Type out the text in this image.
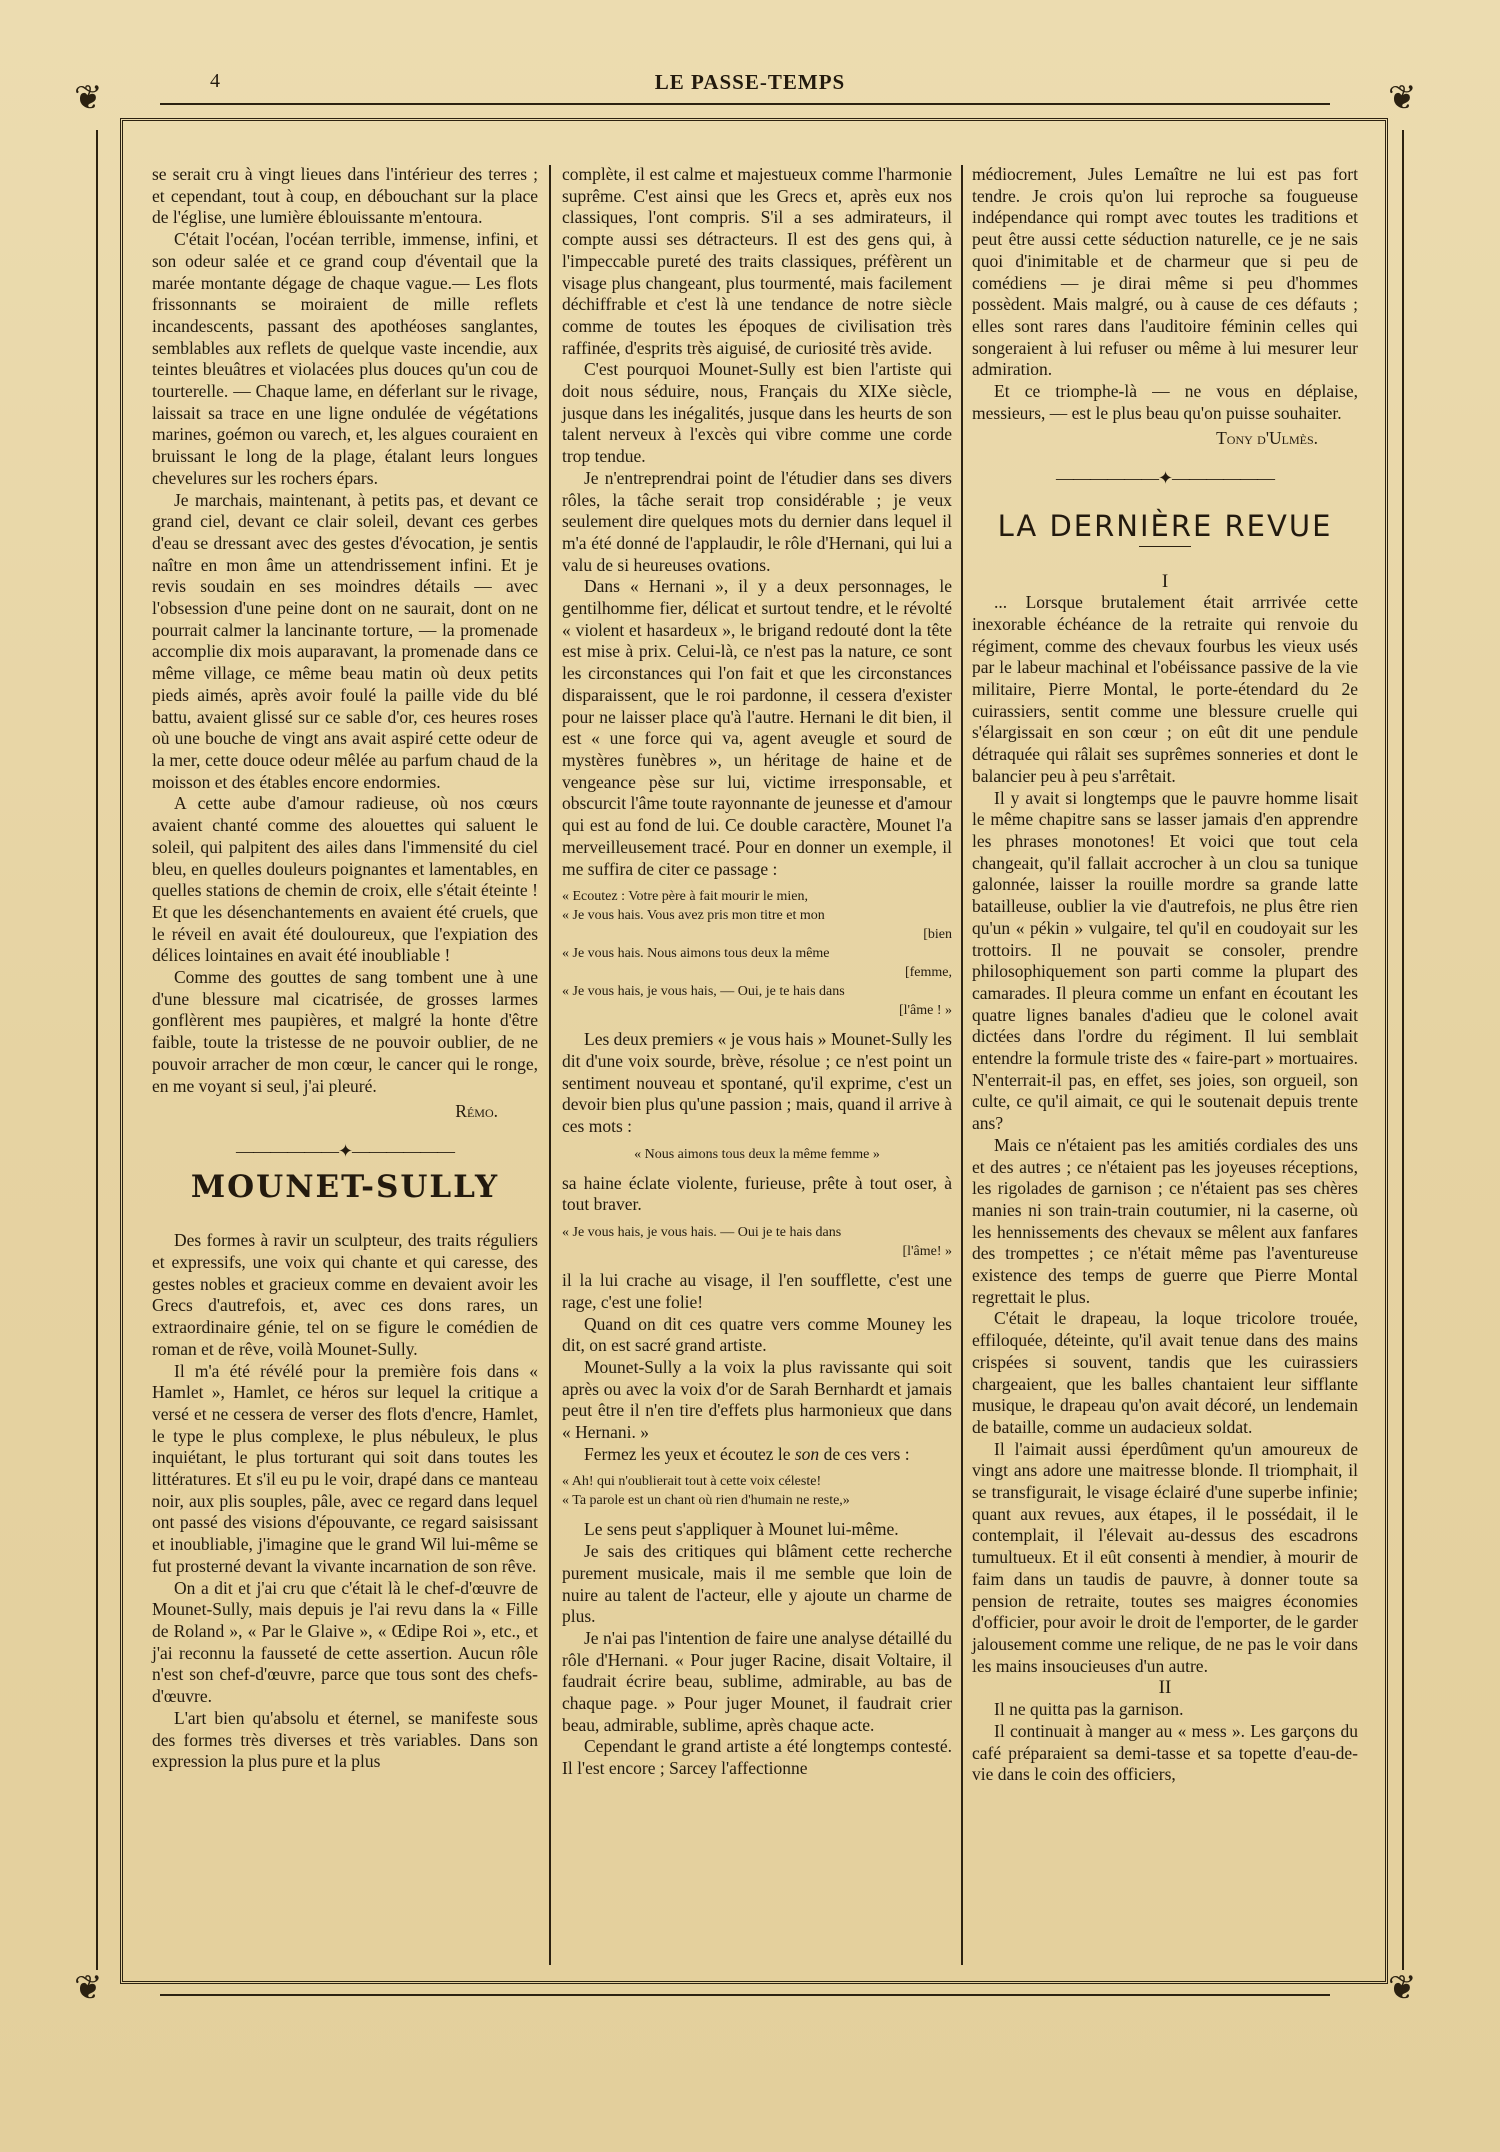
4	LE PASSE-TEMPS
❦	❦
❦	❦

se serait cru à vingt lieues dans l'intérieur des terres ; et cependant, tout à coup, en débouchant sur la place de l'église, une lumière éblouissante m'entoura.

C'était l'océan, l'océan terrible, immense, infini, et son odeur salée et ce grand coup d'éventail que la marée montante dégage de chaque vague.— Les flots frissonnants se moiraient de mille reflets incandescents, passant des apothéoses sanglantes, semblables aux reflets de quelque vaste incendie, aux teintes bleuâtres et violacées plus douces qu'un cou de tourterelle. — Chaque lame, en déferlant sur le rivage, laissait sa trace en une ligne ondulée de végétations marines, goémon ou varech, et, les algues couraient en bruissant le long de la plage, étalant leurs longues chevelures sur les rochers épars.

Je marchais, maintenant, à petits pas, et devant ce grand ciel, devant ce clair soleil, devant ces gerbes d'eau se dressant avec des gestes d'évocation, je sentis naître en mon âme un attendrissement infini. Et je revis soudain en ses moindres détails — avec l'obsession d'une peine dont on ne saurait, dont on ne pourrait calmer la lancinante torture, — la promenade accomplie dix mois auparavant, la promenade dans ce même village, ce même beau matin où deux petits pieds aimés, après avoir foulé la paille vide du blé battu, avaient glissé sur ce sable d'or, ces heures roses où une bouche de vingt ans avait aspiré cette odeur de la mer, cette douce odeur mêlée au parfum chaud de la moisson et des étables encore endormies.

A cette aube d'amour radieuse, où nos cœurs avaient chanté comme des alouettes qui saluent le soleil, qui palpitent des ailes dans l'immensité du ciel bleu, en quelles douleurs poignantes et lamentables, en quelles stations de chemin de croix, elle s'était éteinte ! Et que les désenchantements en avaient été cruels, que le réveil en avait été douloureux, que l'expiation des délices lointaines en avait été inoubliable !

Comme des gouttes de sang tombent une à une d'une blessure mal cicatrisée, de grosses larmes gonflèrent mes paupières, et malgré la honte d'être faible, toute la tristesse de ne pouvoir oublier, de ne pouvoir arracher de mon cœur, le cancer qui le ronge, en me voyant si seul, j'ai pleuré.

Rémo.

——————✦——————
MOUNET-SULLY

Des formes à ravir un sculpteur, des traits réguliers et expressifs, une voix qui chante et qui caresse, des gestes nobles et gracieux comme en devaient avoir les Grecs d'autrefois, et, avec ces dons rares, un extraordinaire génie, tel on se figure le comédien de roman et de rêve, voilà Mounet-Sully.

Il m'a été révélé pour la première fois dans « Hamlet », Hamlet, ce héros sur lequel la critique a versé et ne cessera de verser des flots d'encre, Hamlet, le type le plus complexe, le plus nébuleux, le plus inquiétant, le plus torturant qui soit dans toutes les littératures. Et s'il eu pu le voir, drapé dans ce manteau noir, aux plis souples, pâle, avec ce regard dans lequel ont passé des visions d'épouvante, ce regard saisissant et inoubliable, j'imagine que le grand Wil lui-même se fut prosterné devant la vivante incarnation de son rêve.

On a dit et j'ai cru que c'était là le chef-d'œuvre de Mounet-Sully, mais depuis je l'ai revu dans la « Fille de Roland », « Par le Glaive », « Œdipe Roi », etc., et j'ai reconnu la fausseté de cette assertion. Aucun rôle n'est son chef-d'œuvre, parce que tous sont des chefs-d'œuvre.

L'art bien qu'absolu et éternel, se manifeste sous des formes très diverses et très variables. Dans son expression la plus pure et la plus

complète, il est calme et majestueux comme l'harmonie suprême. C'est ainsi que les Grecs et, après eux nos classiques, l'ont compris. S'il a ses admirateurs, il compte aussi ses détracteurs. Il est des gens qui, à l'impeccable pureté des traits classiques, préfèrent un visage plus changeant, plus tourmenté, mais facilement déchiffrable et c'est là une tendance de notre siècle comme de toutes les époques de civilisation très raffinée, d'esprits très aiguisé, de curiosité très avide.

C'est pourquoi Mounet-Sully est bien l'artiste qui doit nous séduire, nous, Français du XIXe siècle, jusque dans les inégalités, jusque dans les heurts de son talent nerveux à l'excès qui vibre comme une corde trop tendue.

Je n'entreprendrai point de l'étudier dans ses divers rôles, la tâche serait trop considérable ; je veux seulement dire quelques mots du dernier dans lequel il m'a été donné de l'applaudir, le rôle d'Hernani, qui lui a valu de si heureuses ovations.

Dans « Hernani », il y a deux personnages, le gentilhomme fier, délicat et surtout tendre, et le révolté « violent et hasardeux », le brigand redouté dont la tête est mise à prix. Celui-là, ce n'est pas la nature, ce sont les circonstances qui l'on fait et que les circonstances disparaissent, que le roi pardonne, il cessera d'exister pour ne laisser place qu'à l'autre. Hernani le dit bien, il est « une force qui va, agent aveugle et sourd de mystères funèbres », un héritage de haine et de vengeance pèse sur lui, victime irresponsable, et obscurcit l'âme toute rayonnante de jeunesse et d'amour qui est au fond de lui. Ce double caractère, Mounet l'a merveilleusement tracé. Pour en donner un exemple, il me suffira de citer ce passage :

« Ecoutez : Votre père à fait mourir le mien,
« Je vous hais. Vous avez pris mon titre et mon
[bien
« Je vous hais. Nous aimons tous deux la même
[femme,
« Je vous hais, je vous hais, — Oui, je te hais dans
[l'âme ! »

Les deux premiers « je vous hais » Mounet-Sully les dit d'une voix sourde, brève, résolue ; ce n'est point un sentiment nouveau et spontané, qu'il exprime, c'est un devoir bien plus qu'une passion ; mais, quand il arrive à ces mots :

« Nous aimons tous deux la même femme »

sa haine éclate violente, furieuse, prête à tout oser, à tout braver.

« Je vous hais, je vous hais. — Oui je te hais dans
[l'âme! »

il la lui crache au visage, il l'en soufflette, c'est une rage, c'est une folie!

Quand on dit ces quatre vers comme Mouney les dit, on est sacré grand artiste.

Mounet-Sully a la voix la plus ravissante qui soit après ou avec la voix d'or de Sarah Bernhardt et jamais peut être il n'en tire d'effets plus harmonieux que dans « Hernani. »

Fermez les yeux et écoutez le son de ces vers :

« Ah! qui n'oublierait tout à cette voix céleste!
« Ta parole est un chant où rien d'humain ne reste,»

Le sens peut s'appliquer à Mounet lui-même.

Je sais des critiques qui blâment cette recherche purement musicale, mais il me semble que loin de nuire au talent de l'acteur, elle y ajoute un charme de plus.

Je n'ai pas l'intention de faire une analyse détaillé du rôle d'Hernani. « Pour juger Racine, disait Voltaire, il faudrait écrire beau, sublime, admirable, au bas de chaque page. » Pour juger Mounet, il faudrait crier beau, admirable, sublime, après chaque acte.

Cependant le grand artiste a été longtemps contesté. Il l'est encore ; Sarcey l'affectionne

médiocrement, Jules Lemaître ne lui est pas fort tendre. Je crois qu'on lui reproche sa fougueuse indépendance qui rompt avec toutes les traditions et peut être aussi cette séduction naturelle, ce je ne sais quoi d'inimitable et de charmeur que si peu de comédiens — je dirai même si peu d'hommes possèdent. Mais malgré, ou à cause de ces défauts ; elles sont rares dans l'auditoire féminin celles qui songeraient à lui refuser ou même à lui mesurer leur admiration.

Et ce triomphe-là — ne vous en déplaise, messieurs, — est le plus beau qu'on puisse souhaiter.

Tony d'Ulmès.

——————✦——————
LA DERNIÈRE REVUE

I

... Lorsque brutalement était arrrivée cette inexorable échéance de la retraite qui renvoie du régiment, comme des chevaux fourbus les vieux usés par le labeur machinal et l'obéissance passive de la vie militaire, Pierre Montal, le porte-étendard du 2e cuirassiers, sentit comme une blessure cruelle qui s'élargissait en son cœur ; on eût dit une pendule détraquée qui râlait ses suprêmes sonneries et dont le balancier peu à peu s'arrêtait.

Il y avait si longtemps que le pauvre homme lisait le même chapitre sans se lasser jamais d'en apprendre les phrases monotones! Et voici que tout cela changeait, qu'il fallait accrocher à un clou sa tunique galonnée, laisser la rouille mordre sa grande latte batailleuse, oublier la vie d'autrefois, ne plus être rien qu'un « pékin » vulgaire, tel qu'il en coudoyait sur les trottoirs. Il ne pouvait se consoler, prendre philosophiquement son parti comme la plupart des camarades. Il pleura comme un enfant en écoutant les quatre lignes banales d'adieu que le colonel avait dictées dans l'ordre du régiment. Il lui semblait entendre la formule triste des « faire-part » mortuaires. N'enterrait-il pas, en effet, ses joies, son orgueil, son culte, ce qu'il aimait, ce qui le soutenait depuis trente ans?

Mais ce n'étaient pas les amitiés cordiales des uns et des autres ; ce n'étaient pas les joyeuses réceptions, les rigolades de garnison ; ce n'étaient pas ses chères manies ni son train-train coutumier, ni la caserne, où les hennissements des chevaux se mêlent aux fanfares des trompettes ; ce n'était même pas l'aventureuse existence des temps de guerre que Pierre Montal regrettait le plus.

C'était le drapeau, la loque tricolore trouée, effiloquée, déteinte, qu'il avait tenue dans des mains crispées si souvent, tandis que les cuirassiers chargeaient, que les balles chantaient leur sifflante musique, le drapeau qu'on avait décoré, un lendemain de bataille, comme un audacieux soldat.

Il l'aimait aussi éperdûment qu'un amoureux de vingt ans adore une maitresse blonde. Il triomphait, il se transfigurait, le visage éclairé d'une superbe infinie; quant aux revues, aux étapes, il le possédait, il le contemplait, il l'élevait au-dessus des escadrons tumultueux. Et il eût consenti à mendier, à mourir de faim dans un taudis de pauvre, à donner toute sa pension de retraite, toutes ses maigres économies d'officier, pour avoir le droit de l'emporter, de le garder jalousement comme une relique, de ne pas le voir dans les mains insoucieuses d'un autre.

II

Il ne quitta pas la garnison.

Il continuait à manger au « mess ». Les garçons du café préparaient sa demi-tasse et sa topette d'eau-de-vie dans le coin des officiers,
